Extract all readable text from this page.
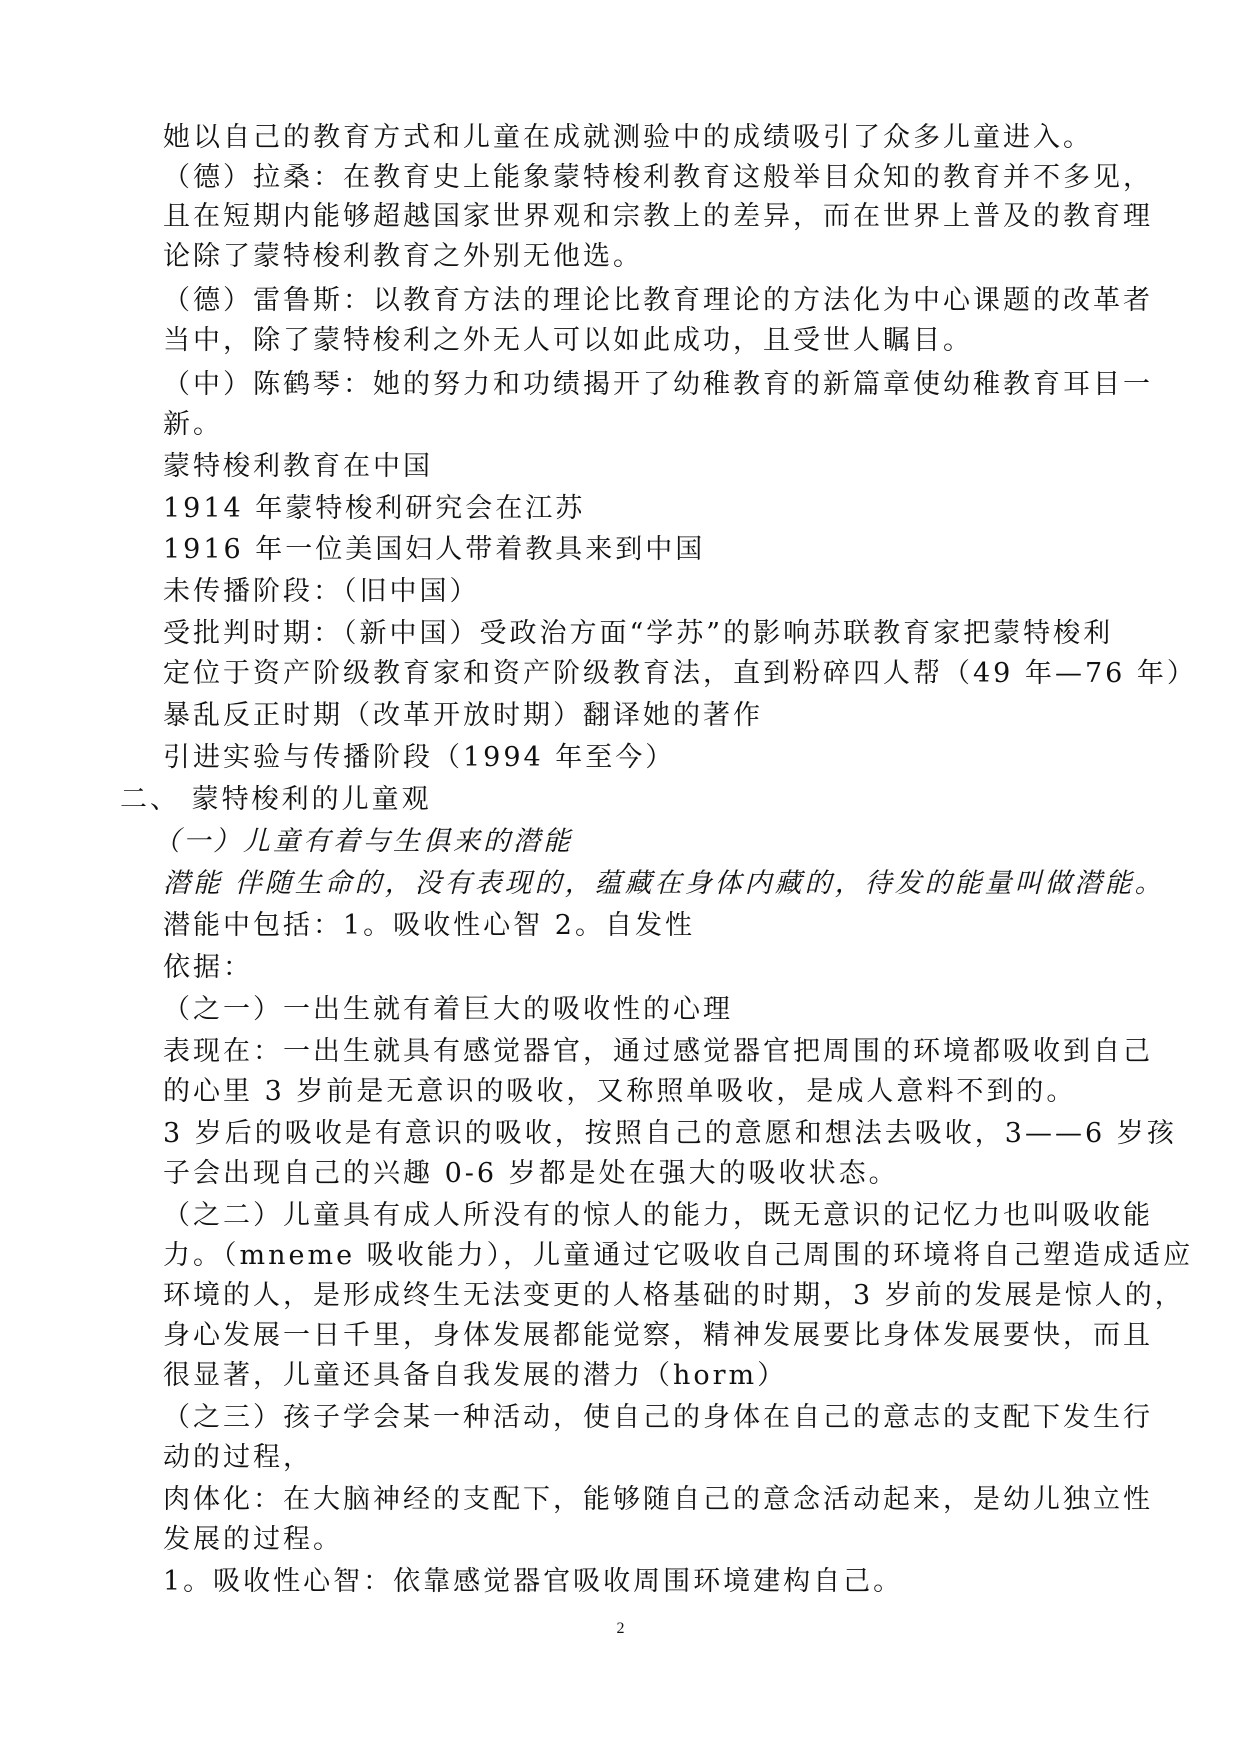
她以自己的教育方式和儿童在成就测验中的成绩吸引了众多儿童进入。
（德）拉桑：在教育史上能象蒙特梭利教育这般举目众知的教育并不多见，
且在短期内能够超越国家世界观和宗教上的差异，而在世界上普及的教育理
论除了蒙特梭利教育之外别无他选。
（德）雷鲁斯：以教育方法的理论比教育理论的方法化为中心课题的改革者
当中，除了蒙特梭利之外无人可以如此成功，且受世人瞩目。
（中）陈鹤琴：她的努力和功绩揭开了幼稚教育的新篇章使幼稚教育耳目一
新。
蒙特梭利教育在中国
1914 年蒙特梭利研究会在江苏
1916 年一位美国妇人带着教具来到中国
未传播阶段：（旧中国）
受批判时期：（新中国）受政治方面“学苏”的影响苏联教育家把蒙特梭利
定位于资产阶级教育家和资产阶级教育法，直到粉碎四人帮（49 年—76 年）
暴乱反正时期（改革开放时期）翻译她的著作
引进实验与传播阶段（1994 年至今）
二、 蒙特梭利的儿童观
（一）儿童有着与生俱来的潜能
潜能 伴随生命的，没有表现的，蕴藏在身体内藏的，待发的能量叫做潜能。
潜能中包括：1。吸收性心智 2。自发性
依据：
（之一）一出生就有着巨大的吸收性的心理
表现在：一出生就具有感觉器官，通过感觉器官把周围的环境都吸收到自己
的心里 3 岁前是无意识的吸收，又称照单吸收，是成人意料不到的。
3 岁后的吸收是有意识的吸收，按照自己的意愿和想法去吸收，3——6 岁孩
子会出现自己的兴趣 0-6 岁都是处在强大的吸收状态。
（之二）儿童具有成人所没有的惊人的能力，既无意识的记忆力也叫吸收能
力。（mneme 吸收能力），儿童通过它吸收自己周围的环境将自己塑造成适应
环境的人，是形成终生无法变更的人格基础的时期，3 岁前的发展是惊人的，
身心发展一日千里，身体发展都能觉察，精神发展要比身体发展要快，而且
很显著，儿童还具备自我发展的潜力（horm）
（之三）孩子学会某一种活动，使自己的身体在自己的意志的支配下发生行
动的过程，
肉体化：在大脑神经的支配下，能够随自己的意念活动起来，是幼儿独立性
发展的过程。
1。吸收性心智：依靠感觉器官吸收周围环境建构自己。
2
